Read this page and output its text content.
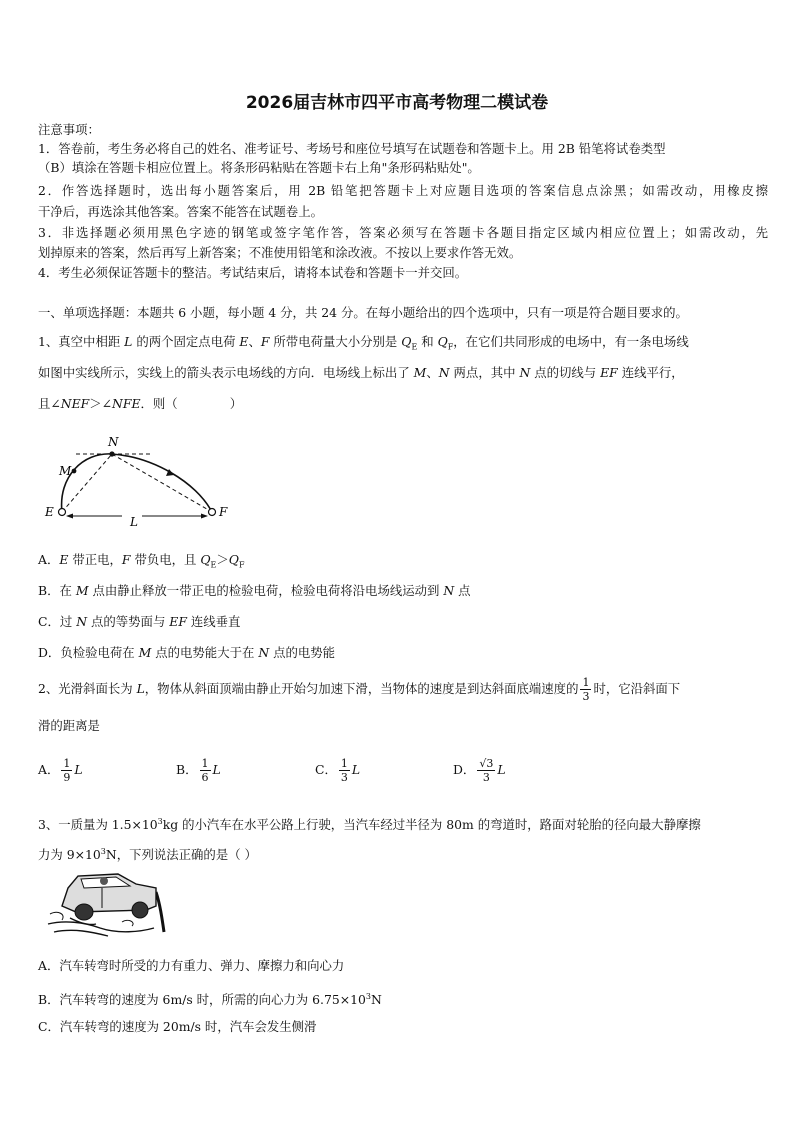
2026届吉林市四平市高考物理二模试卷
注意事项：
1．答卷前，考生务必将自己的姓名、准考证号、考场号和座位号填写在试题卷和答题卡上。用 2B 铅笔将试卷类型
（B）填涂在答题卡相应位置上。将条形码粘贴在答题卡右上角"条形码粘贴处"。
2．作答选择题时，选出每小题答案后，用 2B 铅笔把答题卡上对应题目选项的答案信息点涂黑；如需改动，用橡皮擦
干净后，再选涂其他答案。答案不能答在试题卷上。
3．非选择题必须用黑色字迹的钢笔或签字笔作答，答案必须写在答题卡各题目指定区域内相应位置上；如需改动，先
划掉原来的答案，然后再写上新答案；不准使用铅笔和涂改液。不按以上要求作答无效。
4．考生必须保证答题卡的整洁。考试结束后，请将本试卷和答题卡一并交回。
一、单项选择题：本题共 6 小题，每小题 4 分，共 24 分。在每小题给出的四个选项中，只有一项是符合题目要求的。
1、真空中相距 L 的两个固定点电荷 E、F 所带电荷量大小分别是 $Q_E$ 和 $Q_F$，在它们共同形成的电场中，有一条电场线
如图中实线所示，实线上的箭头表示电场线的方向．电场线上标出了 M、N 两点，其中 N 点的切线与 EF 连线平行，
且∠NEF＞∠NFE．则（	）
N
M
E	F
L
A．E 带正电，F 带负电，且 $Q_E>Q_F$
B．在 M 点由静止释放一带正电的检验电荷，检验电荷将沿电场线运动到 N 点
C．过 N 点的等势面与 EF 连线垂直
D．负检验电荷在 M 点的电势能大于在 N 点的电势能
2、光滑斜面长为 L，物体从斜面顶端由静止开始匀加速下滑，当物体的速度是到达斜面底端速度的 $\frac{1}{3}$ 时，它沿斜面下
滑的距离是
A． $\frac{1}{9}$ L	B． $\frac{1}{6}$ L	C． $\frac{1}{3}$ L	D． $\frac{√3}{3}$ L
3、一质量为 $1.5\times 10^3kg$ 的小汽车在水平公路上行驶，当汽车经过半径为 80m 的弯道时，路面对轮胎的径向最大静摩擦
力为 $9\times 10^3N$，下列说法正确的是（ ）
A．汽车转弯时所受的力有重力、弹力、摩擦力和向心力
B．汽车转弯的速度为 6m/s 时，所需的向心力为 $6.75\times 10^3N$
C．汽车转弯的速度为 20m/s 时，汽车会发生侧滑
